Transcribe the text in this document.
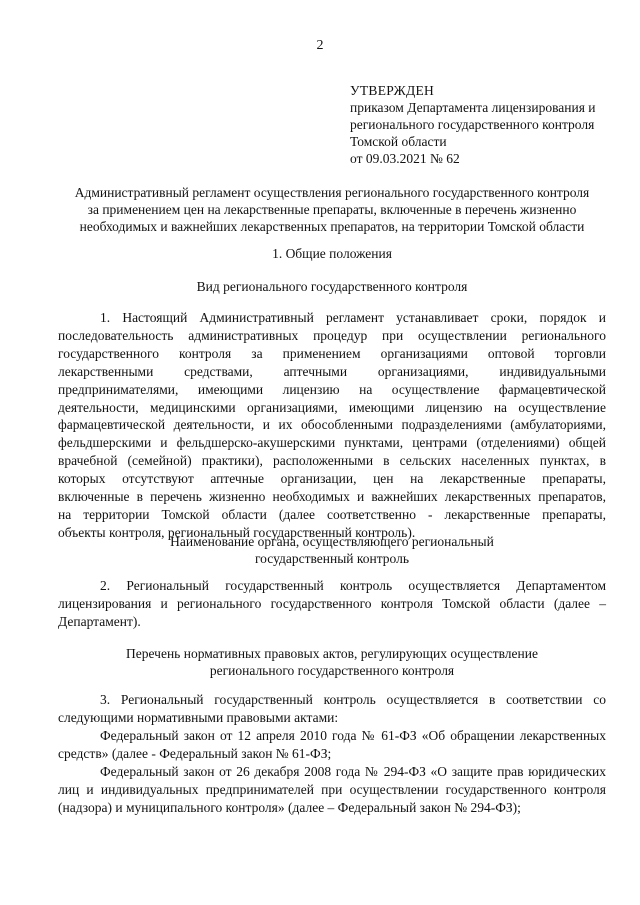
2
УТВЕРЖДЕН
приказом Департамента лицензирования и
регионального государственного контроля
Томской области
от 09.03.2021 № 62
Административный регламент осуществления регионального государственного контроля
за применением цен на лекарственные препараты, включенные в перечень жизненно
необходимых и важнейших лекарственных препаратов, на территории Томской области
1. Общие положения
Вид регионального государственного контроля
1. Настоящий Административный регламент устанавливает сроки, порядок и
последовательность административных процедур при осуществлении регионального
государственного контроля за применением организациями оптовой торговли
лекарственными средствами, аптечными организациями, индивидуальными
предпринимателями, имеющими лицензию на осуществление фармацевтической
деятельности, медицинскими организациями, имеющими лицензию на осуществление
фармацевтической деятельности, и их обособленными подразделениями (амбулаториями,
фельдшерскими и фельдшерско-акушерскими пунктами, центрами (отделениями) общей
врачебной (семейной) практики), расположенными в сельских населенных пунктах, в
которых отсутствуют аптечные организации, цен на лекарственные препараты,
включенные в перечень жизненно необходимых и важнейших лекарственных препаратов,
на территории Томской области (далее соответственно - лекарственные препараты,
объекты контроля, региональный государственный контроль).
Наименование органа, осуществляющего региональный
государственный контроль
2. Региональный государственный контроль осуществляется Департаментом
лицензирования и регионального государственного контроля Томской области (далее –
Департамент).
Перечень нормативных правовых актов, регулирующих осуществление
регионального государственного контроля
3. Региональный государственный контроль осуществляется в соответствии со
следующими нормативными правовыми актами:
Федеральный закон от 12 апреля 2010 года № 61-ФЗ «Об обращении лекарственных
средств» (далее - Федеральный закон № 61-ФЗ;
Федеральный закон от 26 декабря 2008 года № 294-ФЗ «О защите прав юридических
лиц и индивидуальных предпринимателей при осуществлении государственного контроля
(надзора) и муниципального контроля» (далее – Федеральный закон № 294-ФЗ);
